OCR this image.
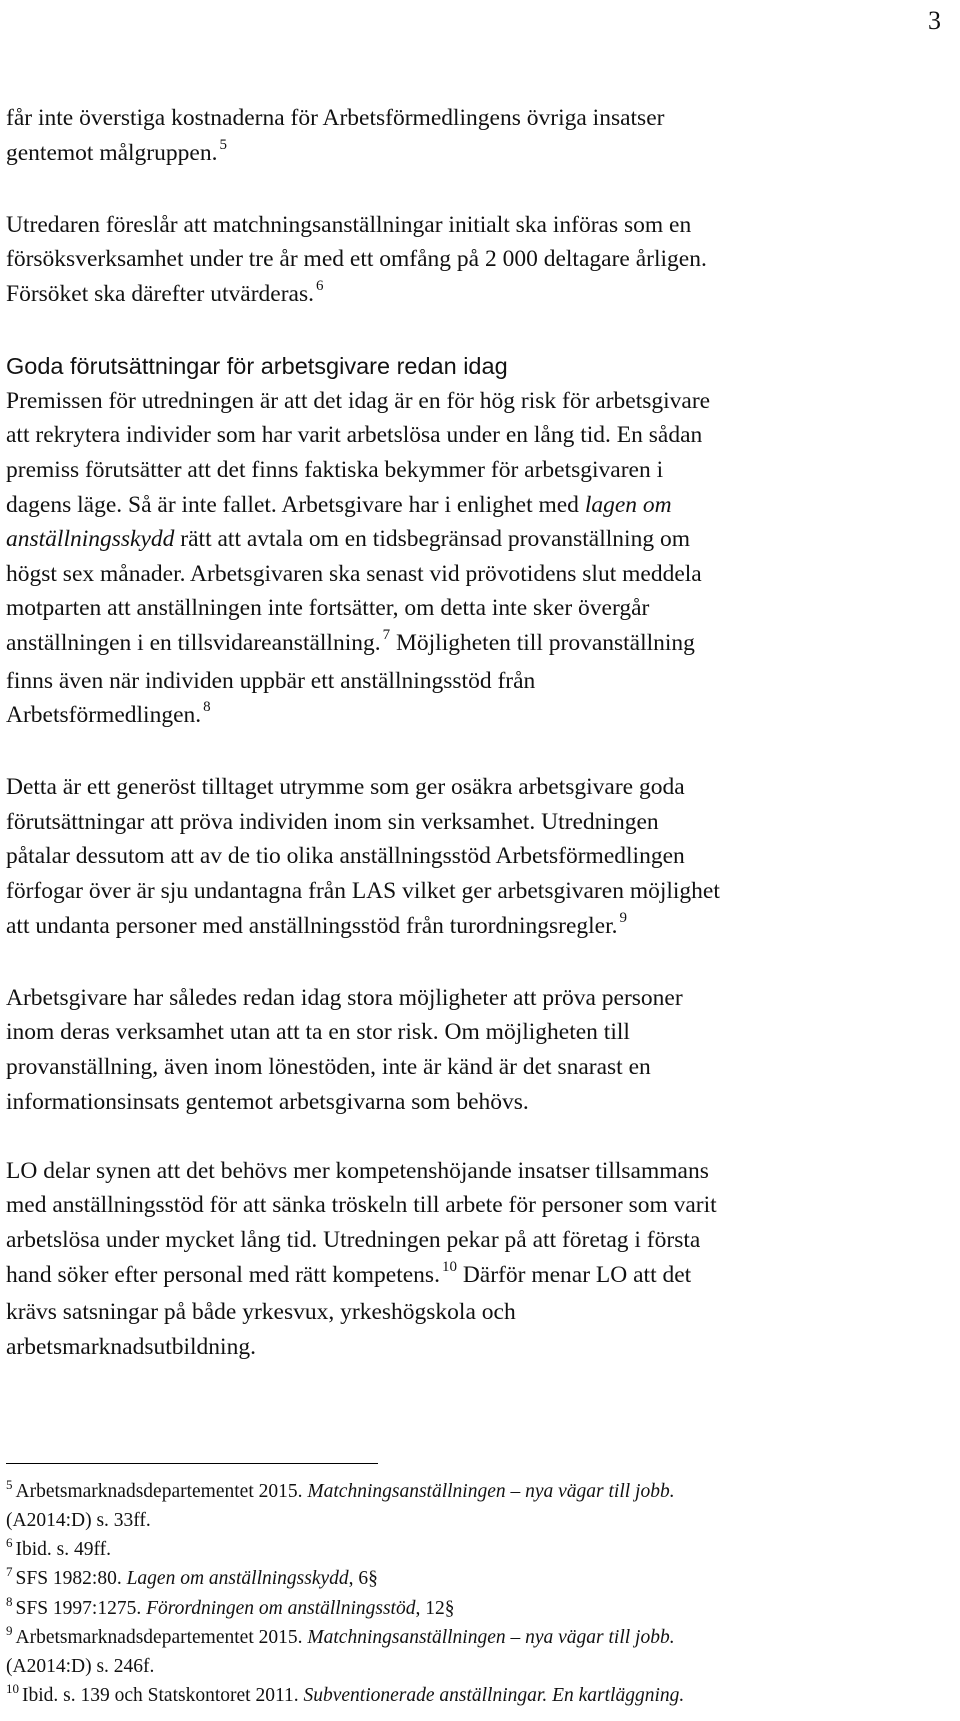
3

får inte överstiga kostnaderna för Arbetsförmedlingens övriga insatser
gentemot målgruppen. $^5$

Utredaren föreslår att matchningsanställningar initialt ska införas som en
försöksverksamhet under tre år med ett omfång på 2 000 deltagare årligen.
Försöket ska därefter utvärderas. $^6$

Goda förutsättningar för arbetsgivare redan idag

Premissen för utredningen är att det idag är en för hög risk för arbetsgivare
att rekrytera individer som har varit arbetslösa under en lång tid. En sådan
premiss förutsätter att det finns faktiska bekymmer för arbetsgivaren i
dagens läge. Så är inte fallet. Arbetsgivare har i enlighet med lagen om
anställningsskydd rätt att avtala om en tidsbegränsad provanställning om
högst sex månader. Arbetsgivaren ska senast vid prövotidens slut meddela
motparten att anställningen inte fortsätter, om detta inte sker övergår
anställningen i en tillsvidareanställning. $^7$ Möjligheten till provanställning
finns även när individen uppbär ett anställningsstöd från
Arbetsförmedlingen. $^8$

Detta är ett generöst tilltaget utrymme som ger osäkra arbetsgivare goda
förutsättningar att pröva individen inom sin verksamhet. Utredningen
påtalar dessutom att av de tio olika anställningsstöd Arbetsförmedlingen
förfogar över är sju undantagna från LAS vilket ger arbetsgivaren möjlighet
att undanta personer med anställningsstöd från turordningsregler. $^9$

Arbetsgivare har således redan idag stora möjligheter att pröva personer
inom deras verksamhet utan att ta en stor risk. Om möjligheten till
provanställning, även inom lönestöden, inte är känd är det snarast en
informationsinsats gentemot arbetsgivarna som behövs.

LO delar synen att det behövs mer kompetenshöjande insatser tillsammans
med anställningsstöd för att sänka tröskeln till arbete för personer som varit
arbetslösa under mycket lång tid. Utredningen pekar på att företag i första
hand söker efter personal med rätt kompetens. $^{10}$ Därför menar LO att det
krävs satsningar på både yrkesvux, yrkeshögskola och
arbetsmarknadsutbildning.

$^5$ Arbetsmarknadsdepartementet 2015. Matchningsanställningen – nya vägar till jobb.
(A2014:D) s. 33ff.
$^6$ Ibid. s. 49ff.
$^7$ SFS 1982:80. Lagen om anställningsskydd, 6§
$^8$ SFS 1997:1275. Förordningen om anställningsstöd, 12§
$^9$ Arbetsmarknadsdepartementet 2015. Matchningsanställningen – nya vägar till jobb.
(A2014:D) s. 246f.
$^{10}$ Ibid. s. 139 och Statskontoret 2011. Subventionerade anställningar. En kartläggning.
